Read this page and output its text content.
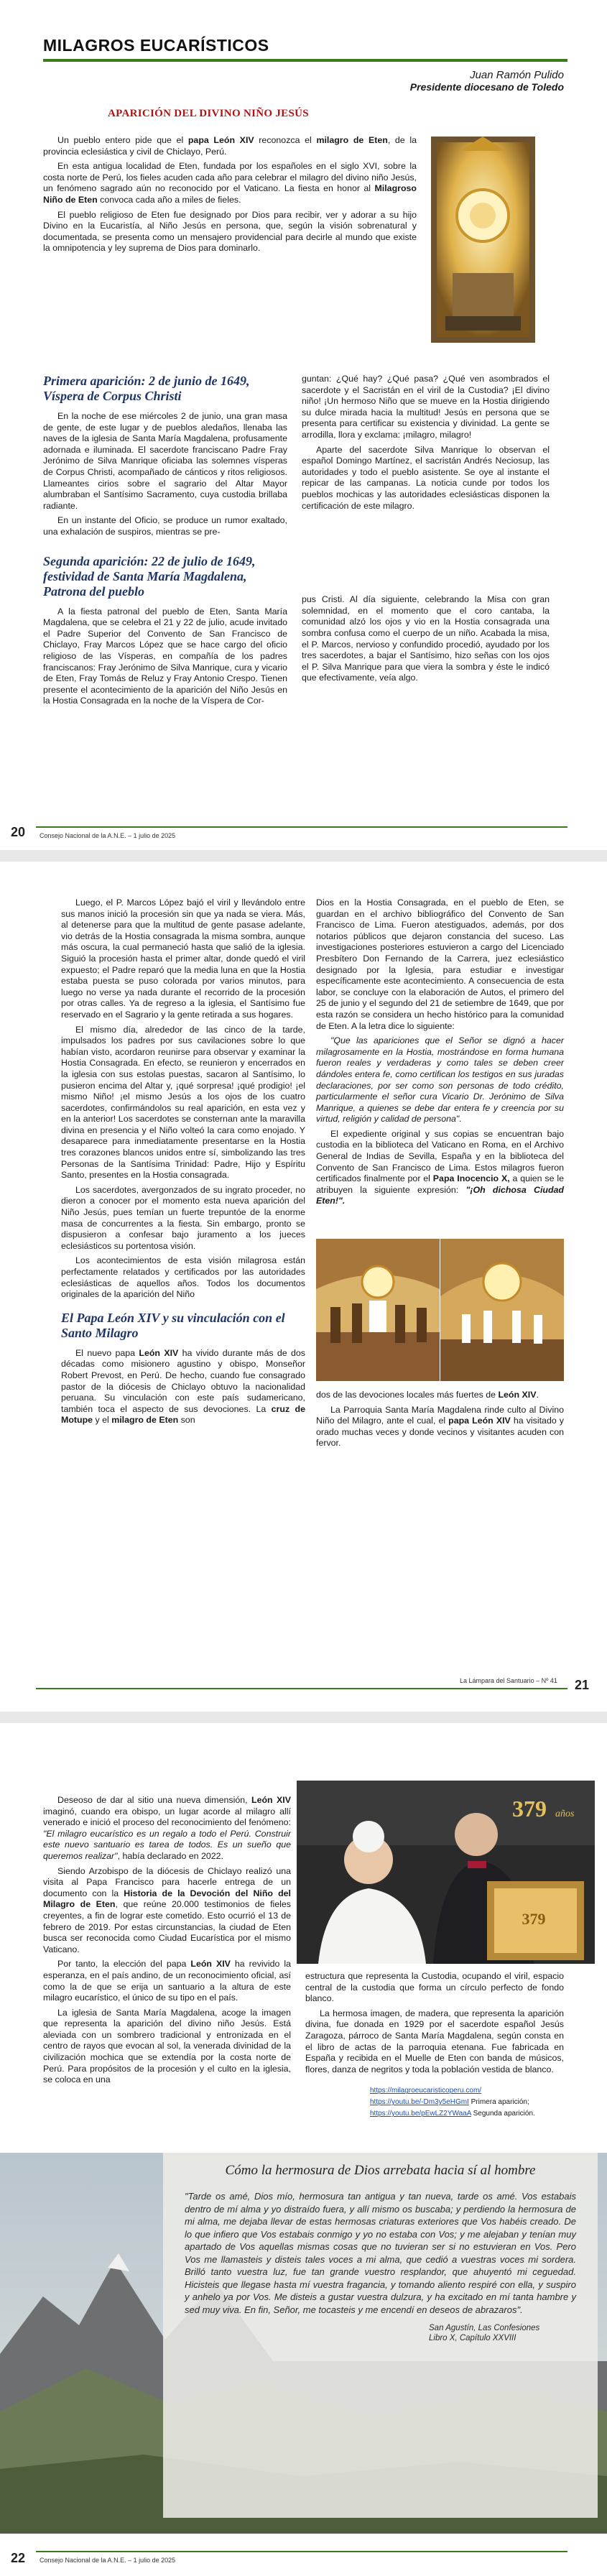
MILAGROS EUCARÍSTICOS
Juan Ramón Pulido
Presidente diocesano de Toledo
APARICIÓN DEL DIVINO NIÑO JESÚS

Un pueblo entero pide que el papa León XIV reconozca el milagro de Eten, de la provincia eclesiástica y civil de Chiclayo, Perú.

En esta antigua localidad de Eten, fundada por los españoles en el siglo XVI, sobre la costa norte de Perú, los fieles acuden cada año para celebrar el milagro del divino niño Jesús, un fenómeno sagrado aún no reconocido por el Vaticano. La fiesta en honor al Milagroso Niño de Eten convoca cada año a miles de fieles.

El pueblo religioso de Eten fue designado por Dios para recibir, ver y adorar a su hijo Divino en la Eucaristía, al Niño Jesús en persona, que, según la visión sobrenatural y documentada, se presenta como un mensajero providencial para decirle al mundo que existe la omnipotencia y ley suprema de Dios para dominarlo.

Primera aparición: 2 de junio de 1649, Víspera de Corpus Christi

En la noche de ese miércoles 2 de junio, una gran masa de gente, de este lugar y de pueblos aledaños, llenaba las naves de la iglesia de Santa María Magdalena, profusamente adornada e iluminada. El sacerdote franciscano Padre Fray Jerónimo de Silva Manrique oficiaba las solemnes vísperas de Corpus Christi, acompañado de cánticos y ritos religiosos. Llameantes cirios sobre el sagrario del Altar Mayor alumbraban el Santísimo Sacramento, cuya custodia brillaba radiante.

En un instante del Oficio, se produce un rumor exaltado, una exhalación de suspiros, mientras se pre-

Segunda aparición: 22 de julio de 1649, festividad de Santa María Magdalena, Patrona del pueblo

A la fiesta patronal del pueblo de Eten, Santa María Magdalena, que se celebra el 21 y 22 de julio, acude invitado el Padre Superior del Convento de San Francisco de Chiclayo, Fray Marcos López que se hace cargo del oficio religioso de las Vísperas, en compañía de los padres franciscanos: Fray Jerónimo de Silva Manrique, cura y vicario de Eten, Fray Tomás de Reluz y Fray Antonio Crespo. Tienen presente el acontecimiento de la aparición del Niño Jesús en la Hostia Consagrada en la noche de la Víspera de Cor-

guntan: ¿Qué hay? ¿Qué pasa? ¿Qué ven asombrados el sacerdote y el Sacristán en el viril de la Custodia? ¡El divino niño! ¡Un hermoso Niño que se mueve en la Hostia dirigiendo su dulce mirada hacia la multitud! Jesús en persona que se presenta para certificar su existencia y divinidad. La gente se arrodilla, llora y exclama: ¡milagro, milagro!

Aparte del sacerdote Silva Manrique lo observan el español Domingo Martínez, el sacristán Andrés Neciosup, las autoridades y todo el pueblo asistente. Se oye al instante el repicar de las campanas. La noticia cunde por todos los pueblos mochicas y las autoridades eclesiásticas disponen la certificación de este milagro.

pus Cristi. Al día siguiente, celebrando la Misa con gran solemnidad, en el momento que el coro cantaba, la comunidad alzó los ojos y vio en la Hostia consagrada una sombra confusa como el cuerpo de un niño. Acabada la misa, el P. Marcos, nervioso y confundido procedió, ayudado por los tres sacerdotes, a bajar el Santísimo, hizo señas con los ojos el P. Silva Manrique para que viera la sombra y éste le indicó que efectivamente, veía algo.

20 Consejo Nacional de la A.N.E. – 1 julio de 2025

Luego, el P. Marcos López bajó el viril y llevándolo entre sus manos inició la procesión sin que ya nada se viera. Más, al detenerse para que la multitud de gente pasase adelante, vio detrás de la Hostia consagrada la misma sombra, aunque más oscura, la cual permaneció hasta que salió de la iglesia. Siguió la procesión hasta el primer altar, donde quedó el viril expuesto; el Padre reparó que la media luna en que la Hostia estaba puesta se puso colorada por varios minutos, para luego no verse ya nada durante el recorrido de la procesión por otras calles. Ya de regreso a la iglesia, el Santísimo fue reservado en el Sagrario y la gente retirada a sus hogares.

El mismo día, alrededor de las cinco de la tarde, impulsados los padres por sus cavilaciones sobre lo que habían visto, acordaron reunirse para observar y examinar la Hostia Consagrada. En efecto, se reunieron y encerrados en la iglesia con sus estolas puestas, sacaron al Santísimo, lo pusieron encima del Altar y, ¡qué sorpresa! ¡qué prodigio! ¡el mismo Niño! ¡el mismo Jesús a los ojos de los cuatro sacerdotes, confirmándolos su real aparición, en esta vez y en la anterior! Los sacerdotes se consternan ante la maravilla divina en presencia y el Niño volteó la cara como enojado. Y desaparece para inmediatamente presentarse en la Hostia tres corazones blancos unidos entre sí, simbolizando las tres Personas de la Santísima Trinidad: Padre, Hijo y Espíritu Santo, presentes en la Hostia consagrada.

Los sacerdotes, avergonzados de su ingrato proceder, no dieron a conocer por el momento esta nueva aparición del Niño Jesús, pues temían un fuerte trepuntóe de la enorme masa de concurrentes a la fiesta. Sin embargo, pronto se dispusieron a confesar bajo juramento a los jueces eclesiásticos su portentosa visión.

Los acontecimientos de esta visión milagrosa están perfectamente relatados y certificados por las autoridades eclesiásticas de aquellos años. Todos los documentos originales de la aparición del Niño

El Papa León XIV y su vinculación con el Santo Milagro

El nuevo papa León XIV ha vivido durante más de dos décadas como misionero agustino y obispo, Monseñor Robert Prevost, en Perú. De hecho, cuando fue consagrado pastor de la diócesis de Chiclayo obtuvo la nacionalidad peruana. Su vinculación con este país sudamericano, también toca el aspecto de sus devociones. La cruz de Motupe y el milagro de Eten son

Dios en la Hostia Consagrada, en el pueblo de Eten, se guardan en el archivo bibliográfico del Convento de San Francisco de Lima. Fueron atestiguados, además, por dos notarios públicos que dejaron constancia del suceso. Las investigaciones posteriores estuvieron a cargo del Licenciado Presbítero Don Fernando de la Carrera, juez eclesiástico designado por la Iglesia, para estudiar e investigar específicamente este acontecimiento. A consecuencia de esta labor, se concluye con la elaboración de Autos, el primero del 25 de junio y el segundo del 21 de setiembre de 1649, que por esta razón se considera un hecho histórico para la comunidad de Eten. A la letra dice lo siguiente:

"Que las apariciones que el Señor se dignó a hacer milagrosamente en la Hostia, mostrándose en forma humana fueron reales y verdaderas y como tales se deben creer dándoles entera fe, como certifican los testigos en sus juradas declaraciones, por ser como son personas de todo crédito, particularmente el señor cura Vicario Dr. Jerónimo de Silva Manrique, a quienes se debe dar entera fe y creencia por su virtud, religión y calidad de persona".

El expediente original y sus copias se encuentran bajo custodia en la biblioteca del Vaticano en Roma, en el Archivo General de Indias de Sevilla, España y en la biblioteca del Convento de San Francisco de Lima. Estos milagros fueron certificados finalmente por el Papa Inocencio X, a quien se le atribuyen la siguiente expresión: "¡Oh dichosa Ciudad Eten!".

dos de las devociones locales más fuertes de León XIV.

La Parroquia Santa María Magdalena rinde culto al Divino Niño del Milagro, ante el cual, el papa León XIV ha visitado y orado muchas veces y donde vecinos y visitantes acuden con fervor.

La Lámpara del Santuario – Nº 41 21

Deseoso de dar al sitio una nueva dimensión, León XIV imaginó, cuando era obispo, un lugar acorde al milagro allí venerado e inició el proceso del reconocimiento del fenómeno: "El milagro eucarístico es un regalo a todo el Perú. Construir este nuevo santuario es tarea de todos. Es un sueño que queremos realizar", había declarado en 2022.

Siendo Arzobispo de la diócesis de Chiclayo realizó una visita al Papa Francisco para hacerle entrega de un documento con la Historia de la Devoción del Niño del Milagro de Eten, que reúne 20.000 testimonios de fieles creyentes, a fin de lograr este cometido. Esto ocurrió el 13 de febrero de 2019. Por estas circunstancias, la ciudad de Eten busca ser reconocida como Ciudad Eucarística por el mismo Vaticano.

Por tanto, la elección del papa León XIV ha revivido la esperanza, en el país andino, de un reconocimiento oficial, así como la de que se erija un santuario a la altura de este milagro eucarístico, el único de su tipo en el país.

La iglesia de Santa María Magdalena, acoge la imagen que representa la aparición del divino niño Jesús. Está aleviada con un sombrero tradicional y entronizada en el centro de rayos que evocan al sol, la venerada divinidad de la civilización mochica que se extendía por la costa norte de Perú. Para propósitos de la procesión y el culto en la iglesia, se coloca en una

379 años
379

estructura que representa la Custodia, ocupando el viril, espacio central de la custodia que forma un círculo perfecto de fondo blanco.

La hermosa imagen, de madera, que representa la aparición divina, fue donada en 1929 por el sacerdote español Jesús Zaragoza, párroco de Santa María Magdalena, según consta en el libro de actas de la parroquia etenana. Fue fabricada en España y recibida en el Muelle de Eten con banda de músicos, flores, danza de negritos y toda la población vestida de blanco.

https://milagroeucaristicoperu.com/
https://youtu.be/-Dm3y5eHGmI Primera aparición;
https://youtu.be/pEwLZ2YWaaA Segunda aparición.
Cómo la hermosura de Dios arrebata hacia sí al hombre
"Tarde os amé, Dios mío, hermosura tan antigua y tan nueva, tarde os amé. Vos estabais dentro de mí alma y yo distraído fuera, y allí mismo os buscaba; y perdiendo la hermosura de mi alma, me dejaba llevar de estas hermosas criaturas exteriores que Vos habéis creado. De lo que infiero que Vos estabais conmigo y yo no estaba con Vos; y me alejaban y tenían muy apartado de Vos aquellas mismas cosas que no tuvieran ser si no estuvieran en Vos. Pero Vos me llamasteis y disteis tales voces a mi alma, que cedió a vuestras voces mi sordera. Brilló tanto vuestra luz, fue tan grande vuestro resplandor, que ahuyentó mi ceguedad. Hicisteis que llegase hasta mí vuestra fragancia, y tomando aliento respiré con ella, y suspiro y anhelo ya por Vos. Me disteis a gustar vuestra dulzura, y ha excitado en mí tanta hambre y sed muy viva. En fin, Señor, me tocasteis y me encendí en deseos de abrazaros".
San Agustín, Las Confesiones
Libro X, Capítulo XXVIII
22 Consejo Nacional de la A.N.E. – 1 julio de 2025
